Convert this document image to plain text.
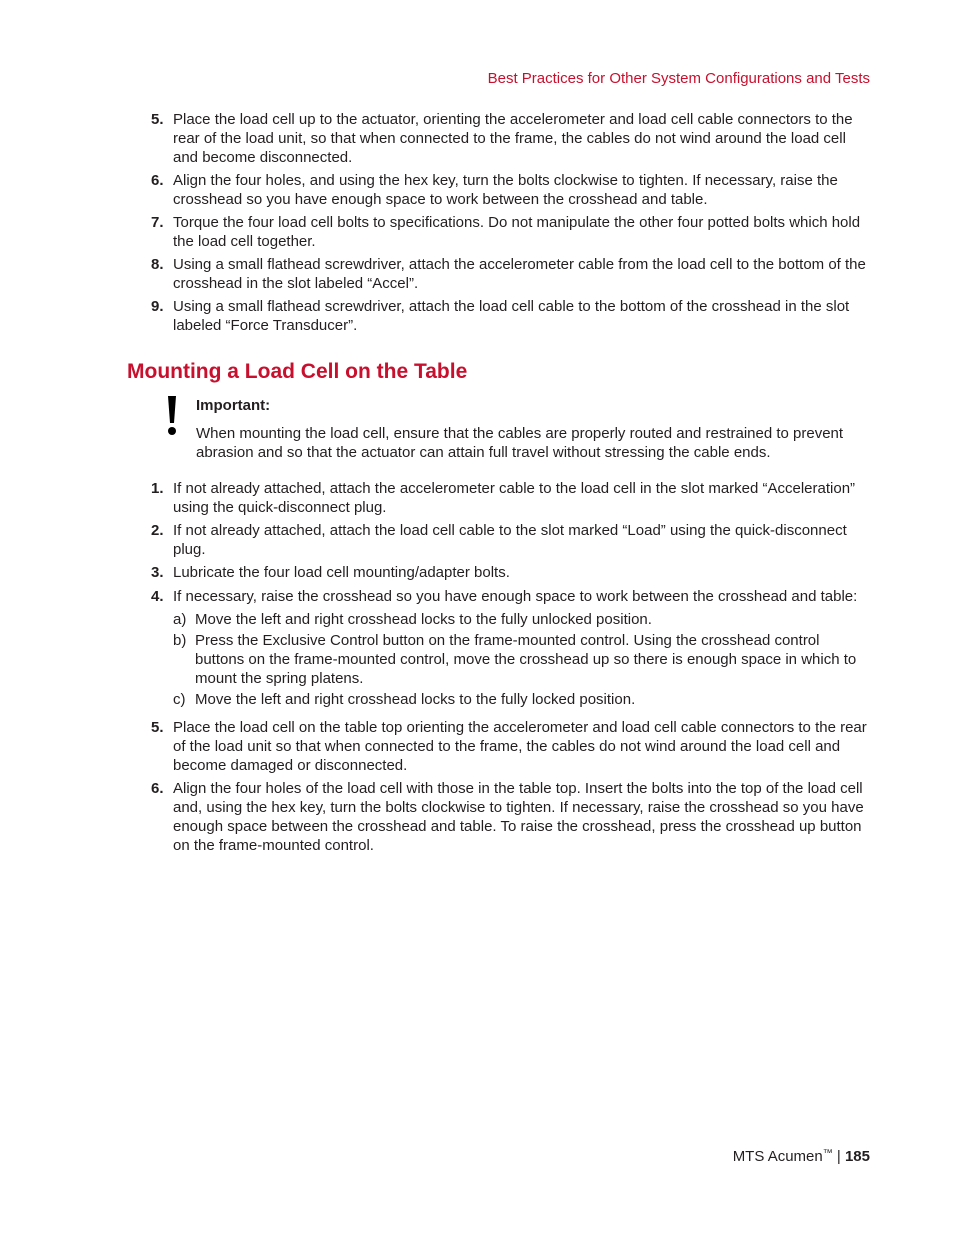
Best Practices for Other System Configurations and Tests
5. Place the load cell up to the actuator, orienting the accelerometer and load cell cable connectors to the rear of the load unit, so that when connected to the frame, the cables do not wind around the load cell and become disconnected.
6. Align the four holes, and using the hex key, turn the bolts clockwise to tighten. If necessary, raise the crosshead so you have enough space to work between the crosshead and table.
7. Torque the four load cell bolts to specifications. Do not manipulate the other four potted bolts which hold the load cell together.
8. Using a small flathead screwdriver, attach the accelerometer cable from the load cell to the bottom of the crosshead in the slot labeled “Accel”.
9. Using a small flathead screwdriver, attach the load cell cable to the bottom of the crosshead in the slot labeled “Force Transducer”.
Mounting a Load Cell on the Table
Important:
When mounting the load cell, ensure that the cables are properly routed and restrained to prevent abrasion and so that the actuator can attain full travel without stressing the cable ends.
1. If not already attached, attach the accelerometer cable to the load cell in the slot marked “Acceleration” using the quick-disconnect plug.
2. If not already attached, attach the load cell cable to the slot marked “Load” using the quick-disconnect plug.
3. Lubricate the four load cell mounting/adapter bolts.
4. If necessary, raise the crosshead so you have enough space to work between the crosshead and table:
a) Move the left and right crosshead locks to the fully unlocked position.
b) Press the Exclusive Control button on the frame-mounted control. Using the crosshead control buttons on the frame-mounted control, move the crosshead up so there is enough space in which to mount the spring platens.
c) Move the left and right crosshead locks to the fully locked position.
5. Place the load cell on the table top orienting the accelerometer and load cell cable connectors to the rear of the load unit so that when connected to the frame, the cables do not wind around the load cell and become damaged or disconnected.
6. Align the four holes of the load cell with those in the table top. Insert the bolts into the top of the load cell and, using the hex key, turn the bolts clockwise to tighten. If necessary, raise the crosshead so you have enough space between the crosshead and table. To raise the crosshead, press the crosshead up button on the frame-mounted control.
MTS Acumen™ | 185
